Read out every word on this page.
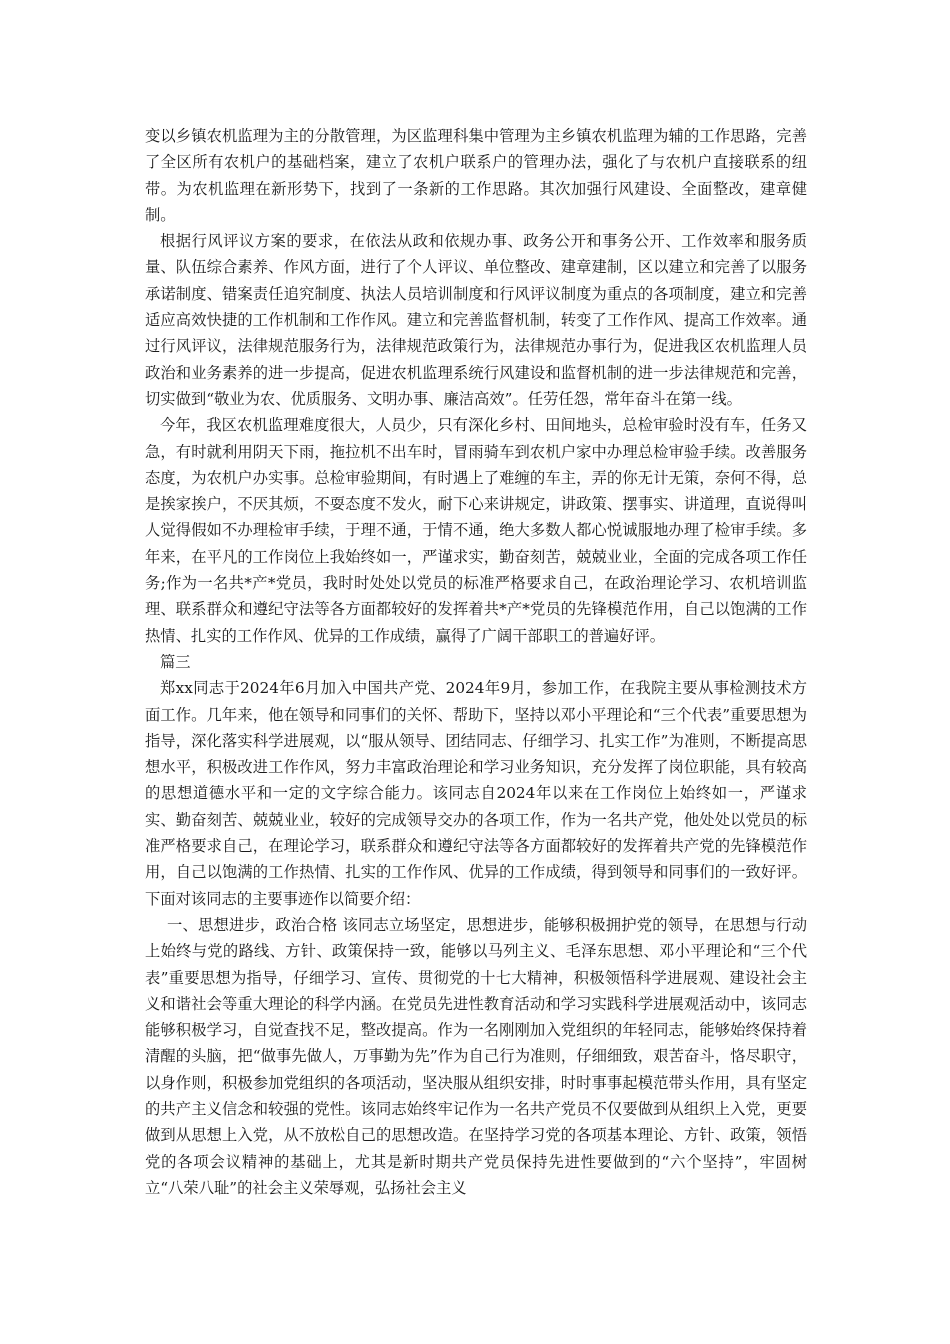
变以乡镇农机监理为主的分散管理，为区监理科集中管理为主乡镇农机监理为辅的工作思路，完善了全区所有农机户的基础档案，建立了农机户联系户的管理办法，强化了与农机户直接联系的纽带。为农机监理在新形势下，找到了一条新的工作思路。其次加强行风建设、全面整改，建章健制。

根据行风评议方案的要求，在依法从政和依规办事、政务公开和事务公开、工作效率和服务质量、队伍综合素养、作风方面，进行了个人评议、单位整改、建章建制，区以建立和完善了以服务承诺制度、错案责任追究制度、执法人员培训制度和行风评议制度为重点的各项制度，建立和完善适应高效快捷的工作机制和工作作风。建立和完善监督机制，转变了工作作风、提高工作效率。通过行风评议，法律规范服务行为，法律规范政策行为，法律规范办事行为，促进我区农机监理人员政治和业务素养的进一步提高，促进农机监理系统行风建设和监督机制的进一步法律规范和完善，切实做到“敬业为农、优质服务、文明办事、廉洁高效”。任劳任怨，常年奋斗在第一线。

今年，我区农机监理难度很大，人员少，只有深化乡村、田间地头，总检审验时没有车，任务又急，有时就利用阴天下雨，拖拉机不出车时，冒雨骑车到农机户家中办理总检审验手续。改善服务态度，为农机户办实事。总检审验期间，有时遇上了难缠的车主，弄的你无计无策，奈何不得，总是挨家挨户，不厌其烦，不耍态度不发火，耐下心来讲规定，讲政策、摆事实、讲道理，直说得叫人觉得假如不办理检审手续，于理不通，于情不通，绝大多数人都心悦诚服地办理了检审手续。多年来，在平凡的工作岗位上我始终如一，严谨求实，勤奋刻苦，兢兢业业，全面的完成各项工作任务;作为一名共*产*党员，我时时处处以党员的标准严格要求自己，在政治理论学习、农机培训监理、联系群众和遵纪守法等各方面都较好的发挥着共*产*党员的先锋模范作用，自己以饱满的工作热情、扎实的工作作风、优异的工作成绩，赢得了广阔干部职工的普遍好评。

篇三

郑xx同志于2024年6月加入中国共产党、2024年9月，参加工作，在我院主要从事检测技术方面工作。几年来，他在领导和同事们的关怀、帮助下，坚持以邓小平理论和“三个代表”重要思想为指导，深化落实科学进展观，以“服从领导、团结同志、仔细学习、扎实工作”为准则，不断提高思想水平，积极改进工作作风，努力丰富政治理论和学习业务知识，充分发挥了岗位职能，具有较高的思想道德水平和一定的文字综合能力。该同志自2024年以来在工作岗位上始终如一，严谨求实、勤奋刻苦、兢兢业业，较好的完成领导交办的各项工作，作为一名共产党，他处处以党员的标准严格要求自己，在理论学习，联系群众和遵纪守法等各方面都较好的发挥着共产党的先锋模范作用，自己以饱满的工作热情、扎实的工作作风、优异的工作成绩，得到领导和同事们的一致好评。下面对该同志的主要事迹作以简要介绍：

一、思想进步，政治合格 该同志立场坚定，思想进步，能够积极拥护党的领导，在思想与行动上始终与党的路线、方针、政策保持一致，能够以马列主义、毛泽东思想、邓小平理论和“三个代表”重要思想为指导，仔细学习、宣传、贯彻党的十七大精神，积极领悟科学进展观、建设社会主义和谐社会等重大理论的科学内涵。在党员先进性教育活动和学习实践科学进展观活动中，该同志能够积极学习，自觉查找不足，整改提高。作为一名刚刚加入党组织的年轻同志，能够始终保持着清醒的头脑，把“做事先做人，万事勤为先”作为自己行为准则，仔细细致，艰苦奋斗，恪尽职守，以身作则，积极参加党组织的各项活动，坚决服从组织安排，时时事事起模范带头作用，具有坚定的共产主义信念和较强的党性。该同志始终牢记作为一名共产党员不仅要做到从组织上入党，更要做到从思想上入党，从不放松自己的思想改造。在坚持学习党的各项基本理论、方针、政策，领悟党的各项会议精神的基础上，尤其是新时期共产党员保持先进性要做到的“六个坚持”，牢固树立“八荣八耻”的社会主义荣辱观，弘扬社会主义
